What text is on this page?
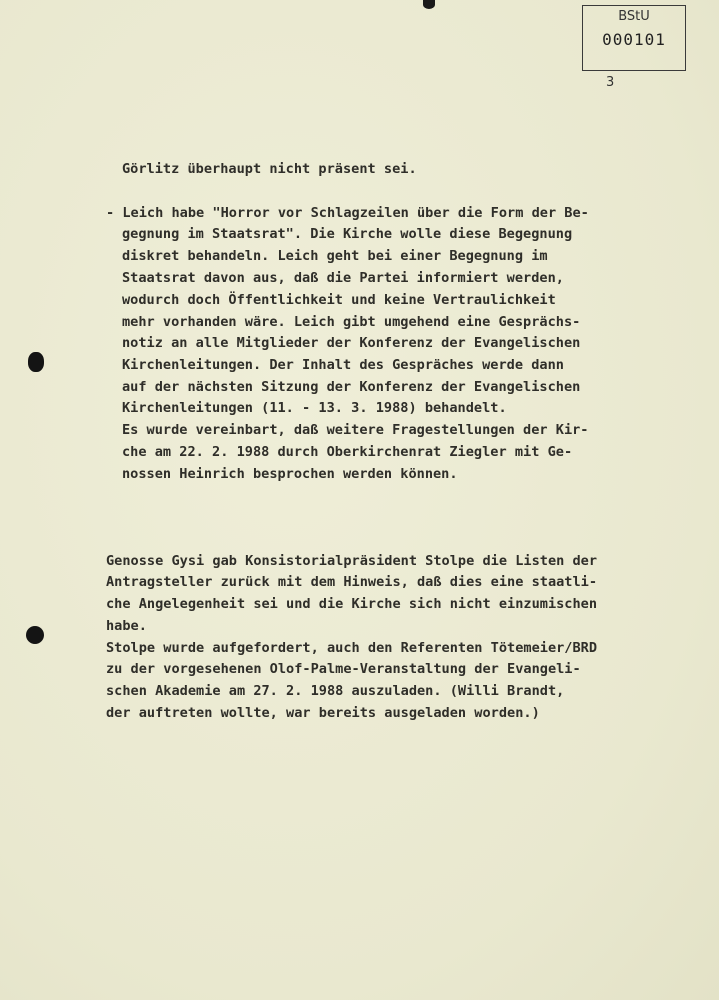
BStU
000101
3

Görlitz überhaupt nicht präsent sei.

- Leich habe "Horror vor Schlagzeilen über die Form der Be-

gegnung im Staatsrat". Die Kirche wolle diese Begegnung

diskret behandeln. Leich geht bei einer Begegnung im

Staatsrat davon aus, daß die Partei informiert werden,

wodurch doch Öffentlichkeit und keine Vertraulichkeit

mehr vorhanden wäre. Leich gibt umgehend eine Gesprächs-

notiz an alle Mitglieder der Konferenz der Evangelischen

Kirchenleitungen. Der Inhalt des Gespräches werde dann

auf der nächsten Sitzung der Konferenz der Evangelischen

Kirchenleitungen (11. - 13. 3. 1988) behandelt.

Es wurde vereinbart, daß weitere Fragestellungen der Kir-

che am 22. 2. 1988 durch Oberkirchenrat Ziegler mit Ge-

nossen Heinrich besprochen werden können.

Genosse Gysi gab Konsistorialpräsident Stolpe die Listen der

Antragsteller zurück mit dem Hinweis, daß dies eine staatli-

che Angelegenheit sei und die Kirche sich nicht einzumischen

habe.

Stolpe wurde aufgefordert, auch den Referenten Tötemeier/BRD

zu der vorgesehenen Olof-Palme-Veranstaltung der Evangeli-

schen Akademie am 27. 2. 1988 auszuladen. (Willi Brandt,

der auftreten wollte, war bereits ausgeladen worden.)
